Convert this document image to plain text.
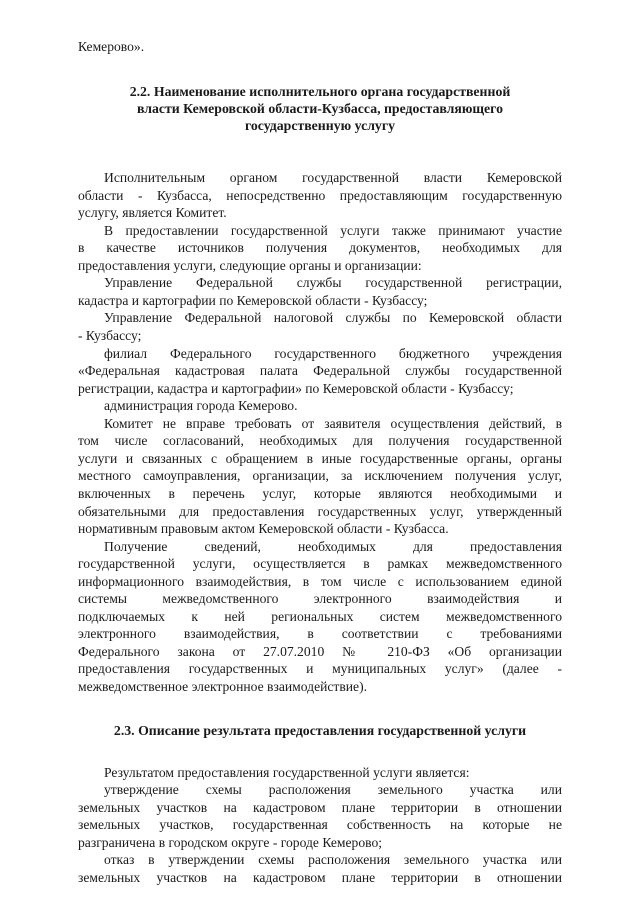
Кемерово».
2.2. Наименование исполнительного органа государственной
власти Кемеровской области-Кузбасса, предоставляющего
государственную услугу
Исполнительным органом государственной власти Кемеровской
области - Кузбасса, непосредственно предоставляющим государственную
услугу, является Комитет.
В предоставлении государственной услуги также принимают участие
в качестве источников получения документов, необходимых для
предоставления услуги, следующие органы и организации:
Управление Федеральной службы государственной регистрации,
кадастра и картографии по Кемеровской области - Кузбассу;
Управление Федеральной налоговой службы по Кемеровской области
- Кузбассу;
филиал Федерального государственного бюджетного учреждения
«Федеральная кадастровая палата Федеральной службы государственной
регистрации, кадастра и картографии» по Кемеровской области - Кузбассу;
администрация города Кемерово.
Комитет не вправе требовать от заявителя осуществления действий, в
том числе согласований, необходимых для получения государственной
услуги и связанных с обращением в иные государственные органы, органы
местного самоуправления, организации, за исключением получения услуг,
включенных в перечень услуг, которые являются необходимыми и
обязательными для предоставления государственных услуг, утвержденный
нормативным правовым актом Кемеровской области - Кузбасса.
Получение сведений, необходимых для предоставления
государственной услуги, осуществляется в рамках межведомственного
информационного взаимодействия, в том числе с использованием единой
системы межведомственного электронного взаимодействия и
подключаемых к ней региональных систем межведомственного
электронного взаимодействия, в соответствии с требованиями
Федерального закона от 27.07.2010 № 210-ФЗ «Об организации
предоставления государственных и муниципальных услуг» (далее -
межведомственное электронное взаимодействие).
2.3. Описание результата предоставления государственной услуги
Результатом предоставления государственной услуги является:
утверждение схемы расположения земельного участка или
земельных участков на кадастровом плане территории в отношении
земельных участков, государственная собственность на которые не
разграничена в городском округе - городе Кемерово;
отказ в утверждении схемы расположения земельного участка или
земельных участков на кадастровом плане территории в отношении
